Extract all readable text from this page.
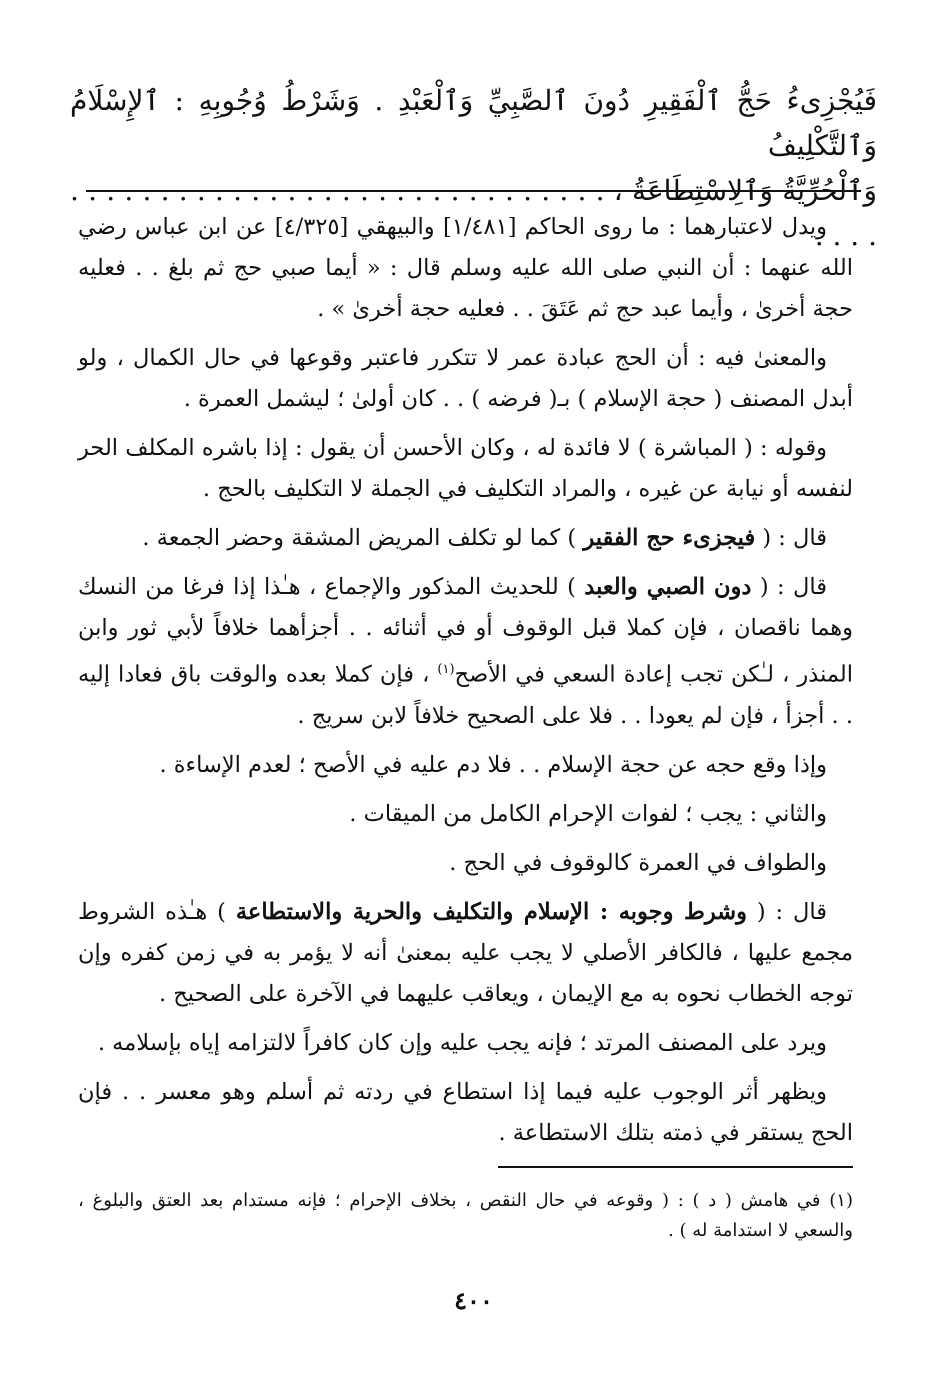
فَيُجْزِىءُ حَجُّ ٱلْفَقِيرِ دُونَ ٱلصَّبِيِّ وَٱلْعَبْدِ . وَشَرْطُ وُجُوبِهِ : ٱلإِسْلَامُ وَٱلتَّكْلِيفُ
وَٱلْحُرِّيَّةُ وَٱلِاسْتِطَاعَةُ ، . . . . . . . . . . . . . . . . . . . . . . . . . . . . . . . . . .

ويدل لاعتبارهما : ما روى الحاكم [١/٤٨١] والبيهقي [٤/٣٢٥] عن ابن عباس رضي الله عنهما : أن النبي صلى الله عليه وسلم قال : « أيما صبي حج ثم بلغ . . فعليه حجة أخرىٰ ، وأيما عبد حج ثم عَتَقَ . . فعليه حجة أخرىٰ » .

والمعنىٰ فيه : أن الحج عبادة عمر لا تتكرر فاعتبر وقوعها في حال الكمال ، ولو أبدل المصنف ( حجة الإسلام ) بـ( فرضه ) . . كان أولىٰ ؛ ليشمل العمرة .

وقوله : ( المباشرة ) لا فائدة له ، وكان الأحسن أن يقول : إذا باشره المكلف الحر لنفسه أو نيابة عن غيره ، والمراد التكليف في الجملة لا التكليف بالحج .

قال : ( فيجزىء حج الفقير ) كما لو تكلف المريض المشقة وحضر الجمعة .

قال : ( دون الصبي والعبد ) للحديث المذكور والإجماع ، هـٰذا إذا فرغا من النسك وهما ناقصان ، فإن كملا قبل الوقوف أو في أثنائه . . أجزأهما خلافاً لأبي ثور وابن المنذر ، لـٰكن تجب إعادة السعي في الأصح$^{(١)}$ ، فإن كملا بعده والوقت باق فعادا إليه . . أجزأ ، فإن لم يعودا . . فلا على الصحيح خلافاً لابن سريج .

وإذا وقع حجه عن حجة الإسلام . . فلا دم عليه في الأصح ؛ لعدم الإساءة .

والثاني : يجب ؛ لفوات الإحرام الكامل من الميقات .

والطواف في العمرة كالوقوف في الحج .

قال : ( وشرط وجوبه : الإسلام والتكليف والحرية والاستطاعة ) هـٰذه الشروط مجمع عليها ، فالكافر الأصلي لا يجب عليه بمعنىٰ أنه لا يؤمر به في زمن كفره وإن توجه الخطاب نحوه به مع الإيمان ، ويعاقب عليهما في الآخرة على الصحيح .

ويرد على المصنف المرتد ؛ فإنه يجب عليه وإن كان كافراً لالتزامه إياه بإسلامه .

ويظهر أثر الوجوب عليه فيما إذا استطاع في ردته ثم أسلم وهو معسر . . فإن الحج يستقر في ذمته بتلك الاستطاعة .

(١) في هامش ( د ) : ( وقوعه في حال النقص ، بخلاف الإحرام ؛ فإنه مستدام بعد العتق والبلوغ ، والسعي لا استدامة له ) .
٤٠٠
